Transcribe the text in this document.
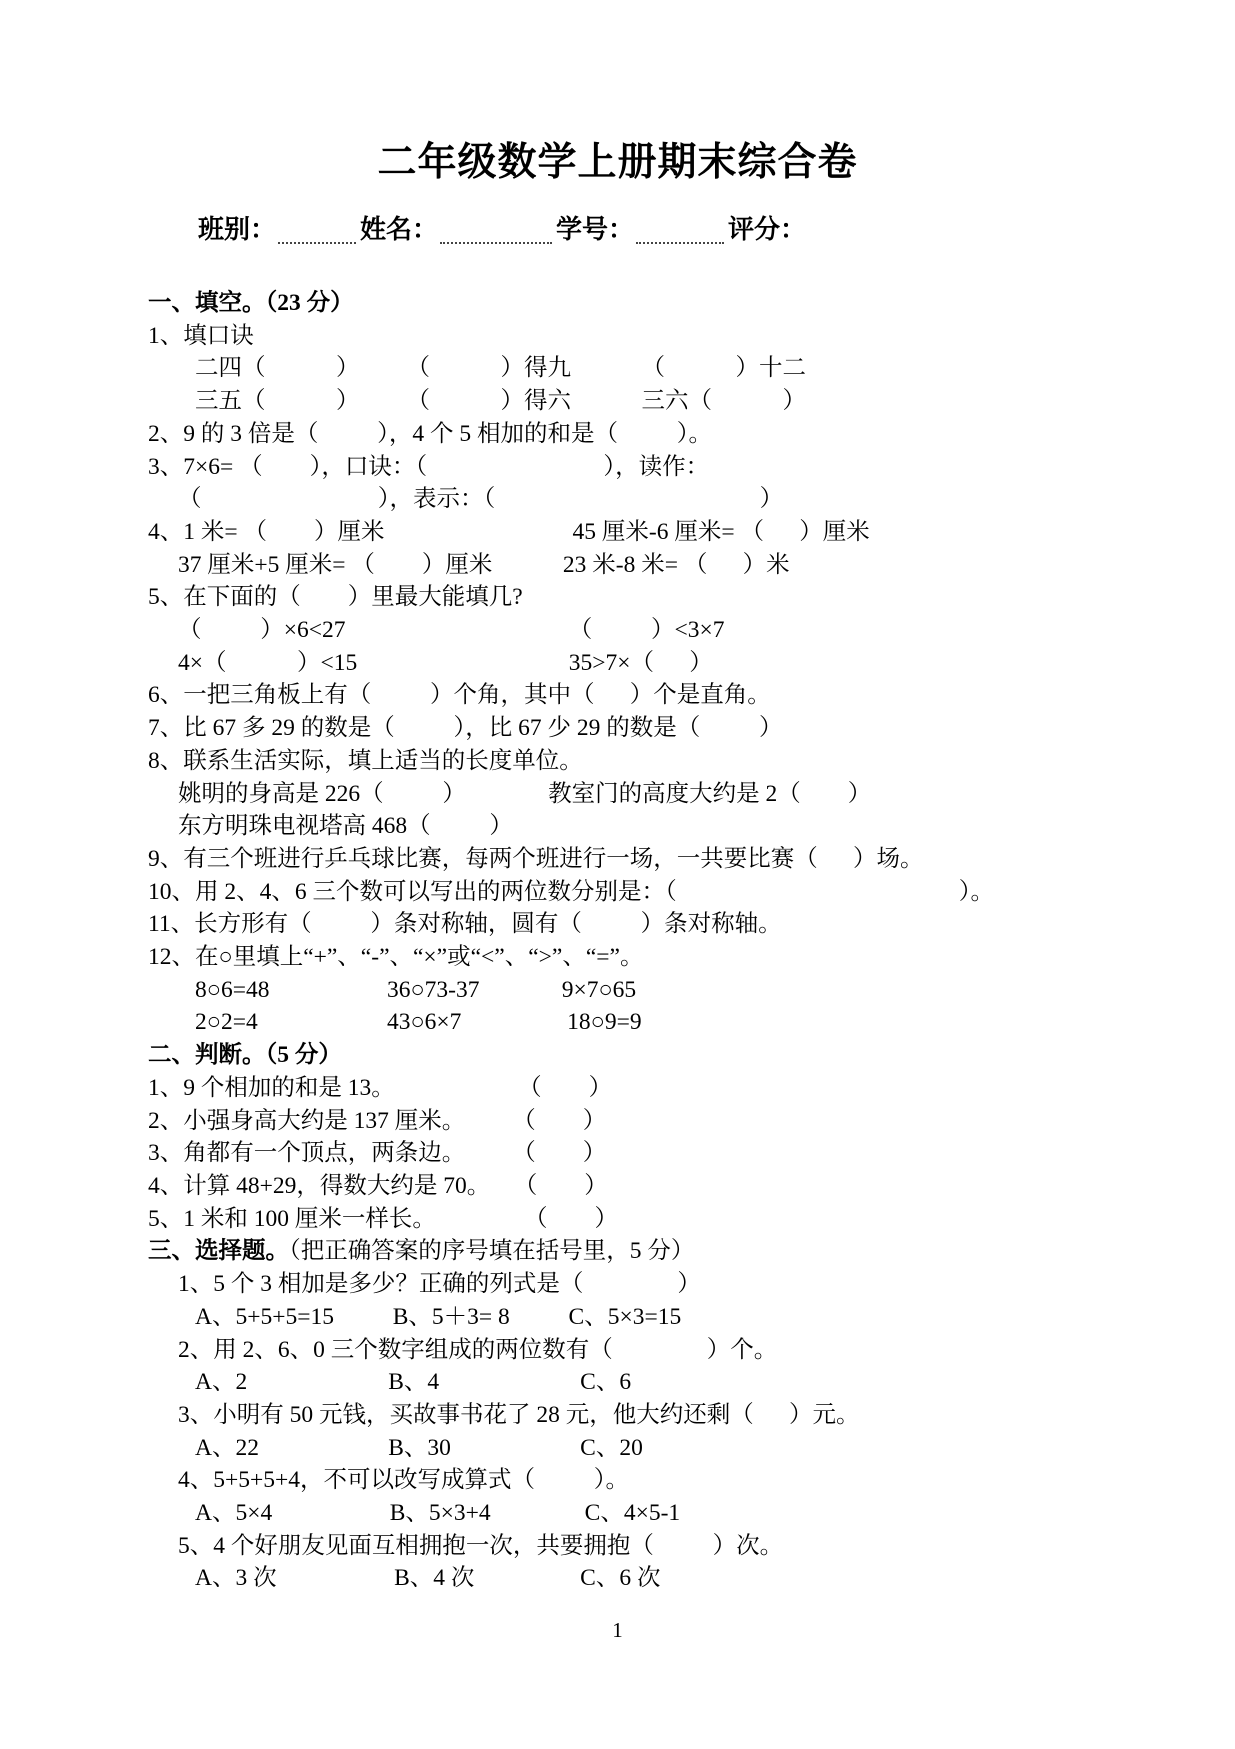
二年级数学上册期末综合卷
班别：	姓名：	学号：	评分：
一、填空。（23 分）
1、填口诀
二四（            ）        （            ）得九            （            ）十二
三五（            ）        （            ）得六            三六（            ）
2、9 的 3 倍是（          ），4 个 5 相加的和是（          ）。
3、7×6= （        ），口诀：（                              ），读作：
（                              ），表示：（                                             ）
4、1 米= （        ）厘米                                45 厘米-6 厘米= （      ）厘米
37 厘米+5 厘米= （        ）厘米            23 米-8 米= （      ）米
5、在下面的（        ）里最大能填几?
（          ）×6<27                                      （          ）<3×7
4×（            ）<15                                    35>7×（      ）
6、一把三角板上有（          ）个角，其中（      ）个是直角。
7、比 67 多 29 的数是（          ），比 67 少 29 的数是（          ）
8、联系生活实际，填上适当的长度单位。
姚明的身高是 226（          ）              教室门的高度大约是 2（        ）
东方明珠电视塔高 468（          ）
9、有三个班进行乒乓球比赛，每两个班进行一场，一共要比赛（      ）场。
10、用 2、4、6 三个数可以写出的两位数分别是：（                                                ）。
11、长方形有（          ）条对称轴，圆有（          ）条对称轴。
12、在○里填上“+”、“-”、“×”或“<”、“>”、“=”。
8○6=48                    36○73-37              9×7○65
2○2=4                      43○6×7                  18○9=9
二、判断。（5 分）
1、9 个相加的和是 13。                     （        ）
2、小强身高大约是 137 厘米。        （        ）
3、角都有一个顶点，两条边。        （        ）
4、计算 48+29，得数大约是 70。    （        ）
5、1 米和 100 厘米一样长。               （        ）
三、选择题。（把正确答案的序号填在括号里，5 分）
1、5 个 3 相加是多少？正确的列式是（                ）
A、5+5+5=15          B、5＋3= 8          C、5×3=15
2、用 2、6、0 三个数字组成的两位数有（                ）个。
A、2                        B、4                        C、6
3、小明有 50 元钱，买故事书花了 28 元，他大约还剩（      ）元。
A、22                      B、30                      C、20
4、5+5+5+4，不可以改写成算式（          ）。
A、5×4                    B、5×3+4                C、4×5-1
5、4 个好朋友见面互相拥抱一次，共要拥抱（          ）次。
A、3 次                    B、4 次                  C、6 次
1
